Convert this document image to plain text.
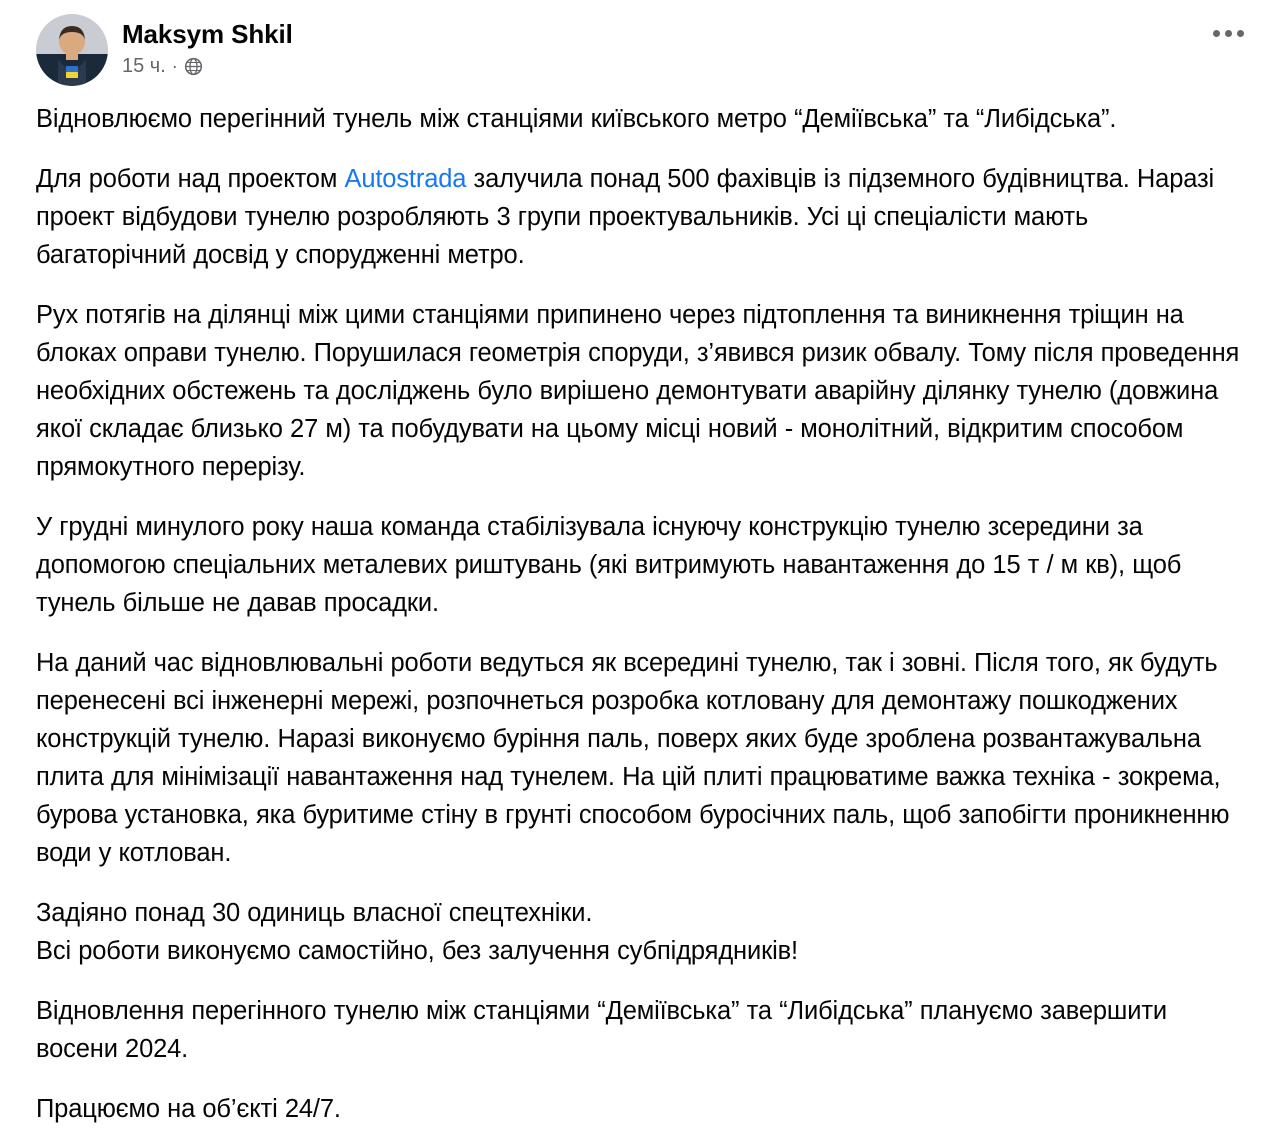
Maksym Shkil
15 ч. ·

Відновлюємо перегінний тунель між станціями київського метро “Деміївська” та “Либідська”.

Для роботи над проектом Autostrada залучила понад 500 фахівців із підземного будівництва. Наразі проект відбудови тунелю розробляють 3 групи проектувальників. Усі ці спеціалісти мають багаторічний досвід у спорудженні метро.

Рух потягів на ділянці між цими станціями припинено через підтоплення та виникнення тріщин на блоках оправи тунелю. Порушилася геометрія споруди, з’явився ризик обвалу. Тому після проведення необхідних обстежень та досліджень було вирішено демонтувати аварійну ділянку тунелю (довжина якої складає близько 27 м) та побудувати на цьому місці новий - монолітний, відкритим способом прямокутного перерізу.

У грудні минулого року наша команда стабілізувала існуючу конструкцію тунелю зсередини за допомогою спеціальних металевих риштувань (які витримують навантаження до 15 т / м кв), щоб тунель більше не давав просадки.

На даний час відновлювальні роботи ведуться як всередині тунелю, так і зовні. Після того, як будуть перенесені всі інженерні мережі, розпочнеться розробка котловану для демонтажу пошкоджених конструкцій тунелю. Наразі виконуємо буріння паль, поверх яких буде зроблена розвантажувальна плита для мінімізації навантаження над тунелем. На цій плиті працюватиме важка техніка - зокрема, бурова установка, яка буритиме стіну в грунті способом буросічних паль, щоб запобігти проникненню води у котлован.

Задіяно понад 30 одиниць власної спецтехніки.
Всі роботи виконуємо самостійно, без залучення субпідрядників!

Відновлення перегінного тунелю між станціями “Деміївська” та “Либідська” плануємо завершити восени 2024.

Працюємо на об’єкті 24/7.
